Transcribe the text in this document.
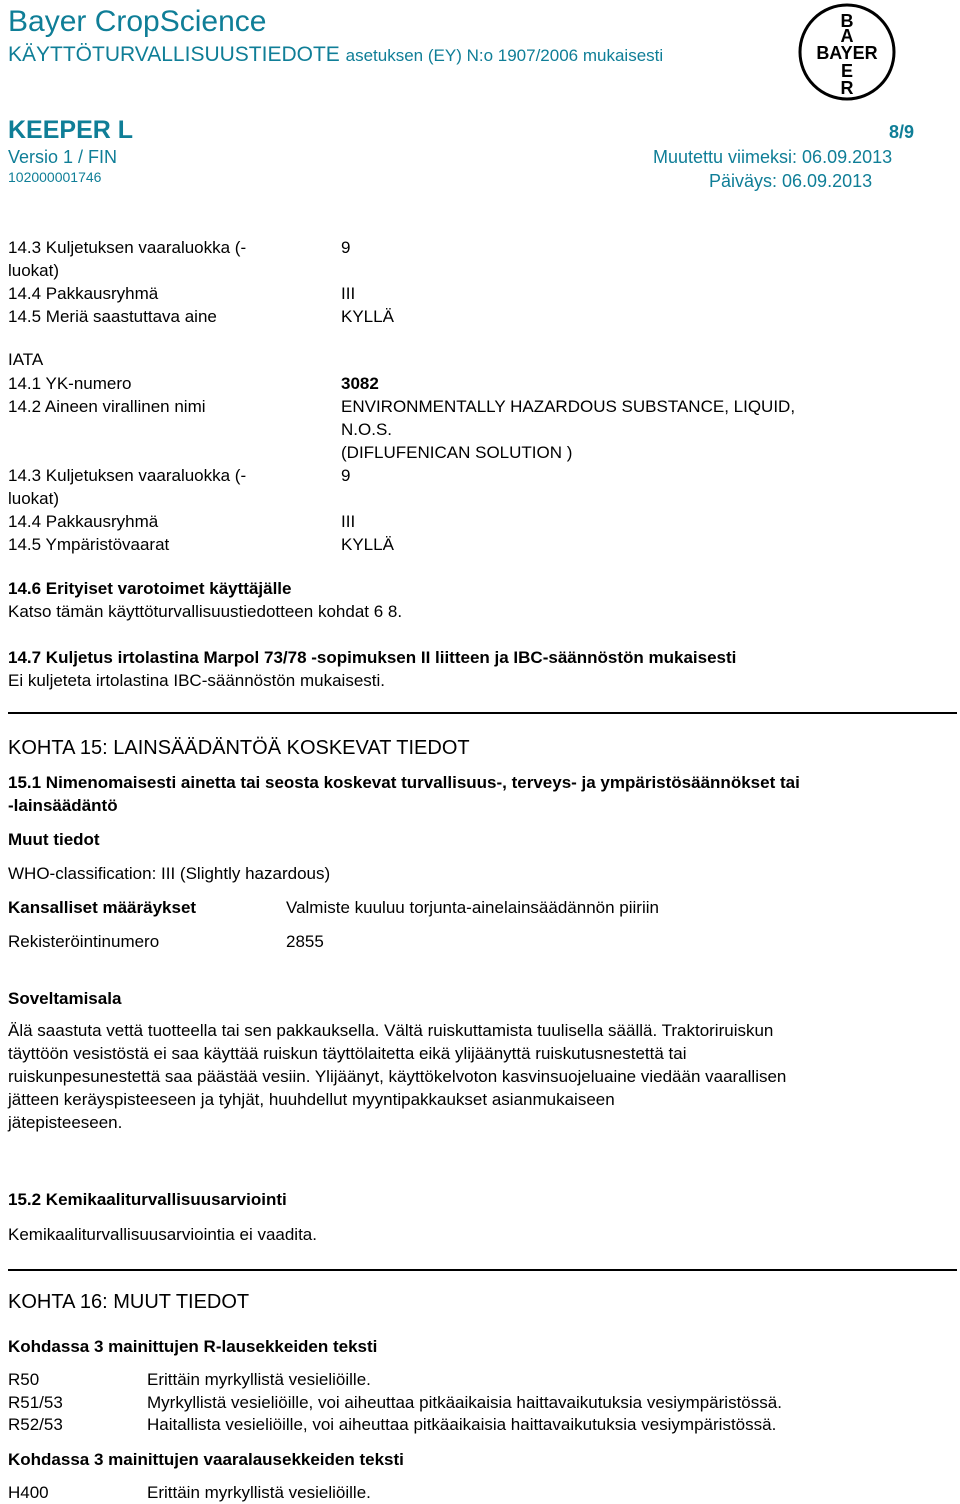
Bayer CropScience
KÄYTTÖTURVALLISUUSTIEDOTE asetuksen (EY) N:o 1907/2006 mukaisesti
B
A
BAYER
E
R
KEEPER L	8/9
Versio 1 / FIN	Muutettu viimeksi: 06.09.2013
102000001746	Päiväys: 06.09.2013
14.3 Kuljetuksen vaaraluokka (-	9
luokat)
14.4 Pakkausryhmä	III
14.5 Meriä saastuttava aine	KYLLÄ
IATA
14.1 YK-numero	3082
14.2 Aineen virallinen nimi	ENVIRONMENTALLY HAZARDOUS SUBSTANCE, LIQUID,
N.O.S.
(DIFLUFENICAN SOLUTION )
14.3 Kuljetuksen vaaraluokka (-	9
luokat)
14.4 Pakkausryhmä	III
14.5 Ympäristövaarat	KYLLÄ
14.6 Erityiset varotoimet käyttäjälle
Katso tämän käyttöturvallisuustiedotteen kohdat 6 8.
14.7 Kuljetus irtolastina Marpol 73/78 -sopimuksen II liitteen ja IBC-säännöstön mukaisesti
Ei kuljeteta irtolastina IBC-säännöstön mukaisesti.
KOHTA 15: LAINSÄÄDÄNTÖÄ KOSKEVAT TIEDOT
15.1 Nimenomaisesti ainetta tai seosta koskevat turvallisuus-, terveys- ja ympäristösäännökset tai
-lainsäädäntö
Muut tiedot
WHO-classification: III (Slightly hazardous)
Kansalliset määräykset	Valmiste kuuluu torjunta-ainelainsäädännön piiriin
Rekisteröintinumero	2855
Soveltamisala
Älä saastuta vettä tuotteella tai sen pakkauksella. Vältä ruiskuttamista tuulisella säällä. Traktoriruiskun
täyttöön vesistöstä ei saa käyttää ruiskun täyttölaitetta eikä ylijäänyttä ruiskutusnestettä tai
ruiskunpesunestettä saa päästää vesiin. Ylijäänyt, käyttökelvoton kasvinsuojeluaine viedään vaarallisen
jätteen keräyspisteeseen ja tyhjät, huuhdellut myyntipakkaukset asianmukaiseen
jätepisteeseen.
15.2 Kemikaaliturvallisuusarviointi
Kemikaaliturvallisuusarviointia ei vaadita.
KOHTA 16: MUUT TIEDOT
Kohdassa 3 mainittujen R-lausekkeiden teksti
R50	Erittäin myrkyllistä vesieliöille.
R51/53	Myrkyllistä vesieliöille, voi aiheuttaa pitkäaikaisia haittavaikutuksia vesiympäristössä.
R52/53	Haitallista vesieliöille, voi aiheuttaa pitkäaikaisia haittavaikutuksia vesiympäristössä.
Kohdassa 3 mainittujen vaaralausekkeiden teksti
H400	Erittäin myrkyllistä vesieliöille.
